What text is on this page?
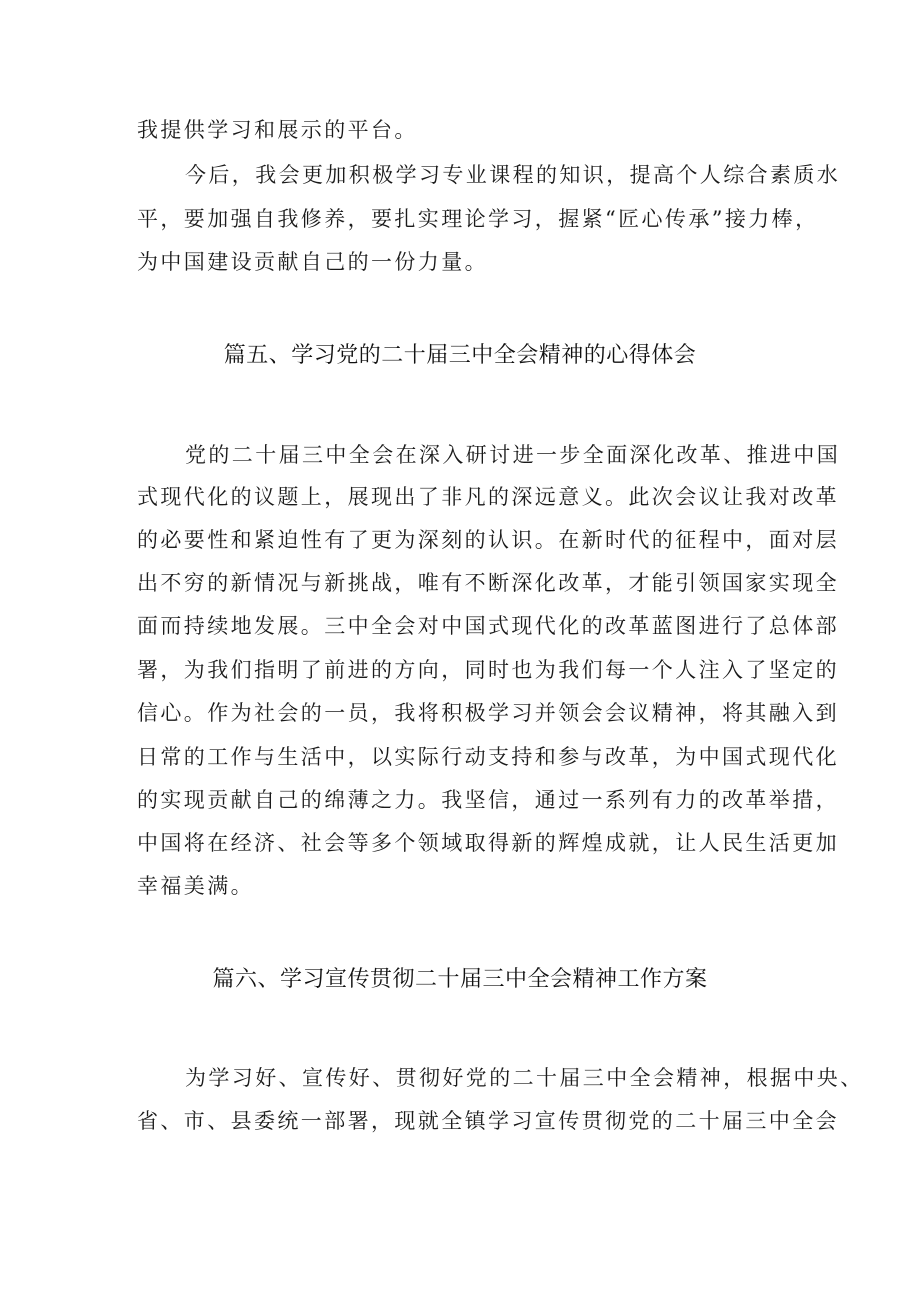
我提供学习和展示的平台。
今后，我会更加积极学习专业课程的知识，提高个人综合素质水
平，要加强自我修养，要扎实理论学习，握紧“匠心传承”接力棒，
为中国建设贡献自己的一份力量。
篇五、学习党的二十届三中全会精神的心得体会
党的二十届三中全会在深入研讨进一步全面深化改革、推进中国
式现代化的议题上，展现出了非凡的深远意义。此次会议让我对改革
的必要性和紧迫性有了更为深刻的认识。在新时代的征程中，面对层
出不穷的新情况与新挑战，唯有不断深化改革，才能引领国家实现全
面而持续地发展。三中全会对中国式现代化的改革蓝图进行了总体部
署，为我们指明了前进的方向，同时也为我们每一个人注入了坚定的
信心。作为社会的一员，我将积极学习并领会会议精神，将其融入到
日常的工作与生活中，以实际行动支持和参与改革，为中国式现代化
的实现贡献自己的绵薄之力。我坚信，通过一系列有力的改革举措，
中国将在经济、社会等多个领域取得新的辉煌成就，让人民生活更加
幸福美满。
篇六、学习宣传贯彻二十届三中全会精神工作方案
为学习好、宣传好、贯彻好党的二十届三中全会精神，根据中央、
省、市、县委统一部署，现就全镇学习宣传贯彻党的二十届三中全会
